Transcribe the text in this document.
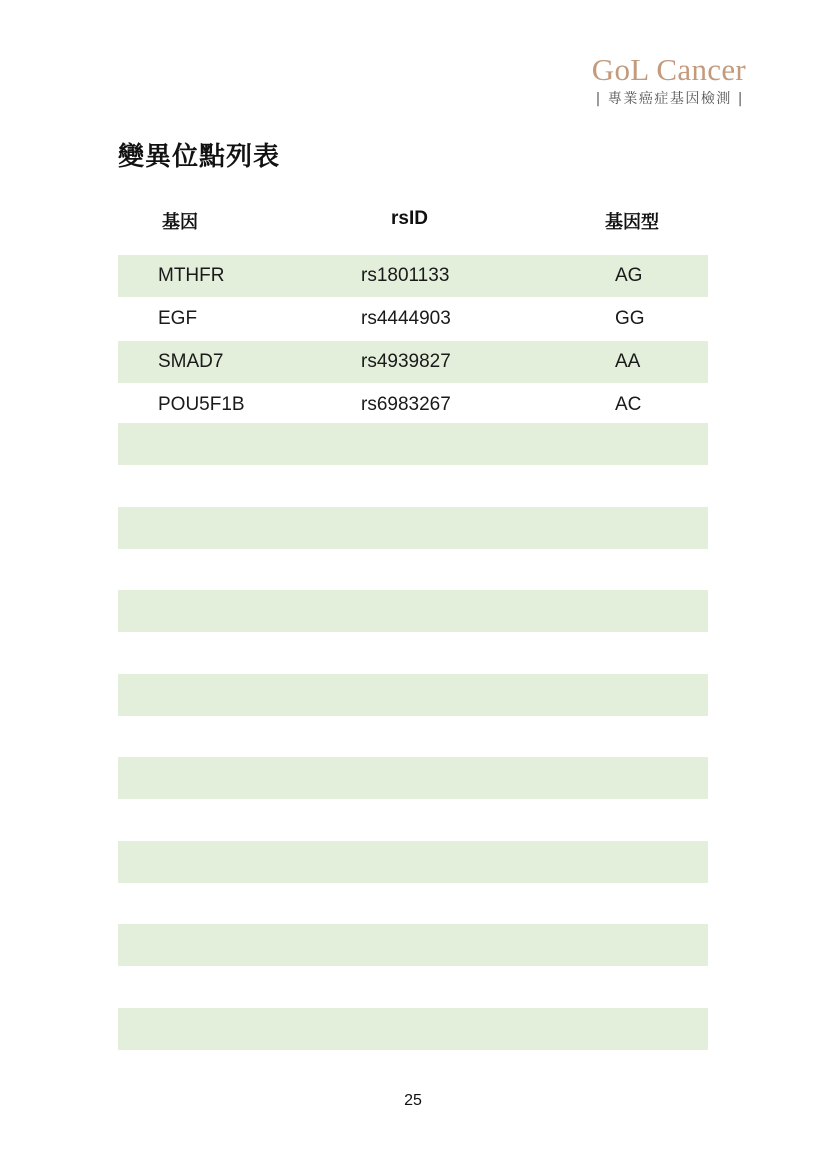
GoL Cancer
| 專業癌症基因檢測 |
變異位點列表
基因	rsID	基因型
MTHFR	rs1801133	AG
EGF	rs4444903	GG
SMAD7	rs4939827	AA
POU5F1B	rs6983267	AC
25
